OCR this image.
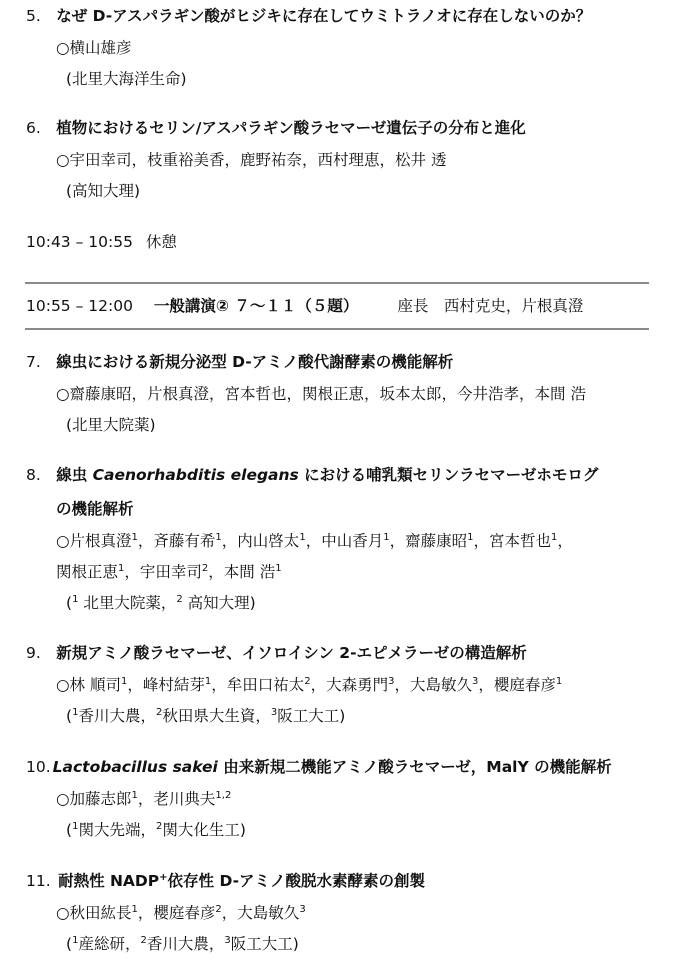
5. なぜ D-アスパラギン酸がヒジキに存在してウミトラノオに存在しないのか？
○横山雄彦
(北里大海洋生命)
6. 植物におけるセリン/アスパラギン酸ラセマーゼ遺伝子の分布と進化
○宇田幸司，枝重裕美香，鹿野祐奈，西村理恵，松井 透
(高知大理)
10:43 – 10:55 休憩
10:55 – 12:00 一般講演② ７～１１（５題）	座長　西村克史，片根真澄
7. 線虫における新規分泌型 D-アミノ酸代謝酵素の機能解析
○齋藤康昭，片根真澄，宮本哲也，関根正恵，坂本太郎，今井浩孝，本間 浩
(北里大院薬)
8. 線虫 Caenorhabditis elegans における哺乳類セリンラセマーゼホモログ
の機能解析
○片根真澄$^1$，斉藤有希$^1$，内山啓太$^1$，中山香月$^1$，齋藤康昭$^1$，宮本哲也$^1$，
関根正恵$^1$，宇田幸司$^2$，本間 浩$^1$
($^1$ 北里大院薬，$^2$ 高知大理)
9. 新規アミノ酸ラセマーゼ、イソロイシン 2-エピメラーゼの構造解析
○林 順司$^1$，峰村結芽$^1$，牟田口祐太$^2$，大森勇門$^3$，大島敏久$^3$，櫻庭春彦$^1$
($^1$香川大農，$^2$秋田県大生資，$^3$阪工大工)
10. Lactobacillus sakei 由来新規二機能アミノ酸ラセマーゼ，MalY の機能解析
○加藤志郎$^1$，老川典夫$^{1,2}$
($^1$関大先端，$^2$関大化生工)
11. 耐熱性 NADP+依存性 D-アミノ酸脱水素酵素の創製
○秋田紘長$^1$，櫻庭春彦$^2$，大島敏久$^3$
($^1$産総研，$^2$香川大農，$^3$阪工大工)
